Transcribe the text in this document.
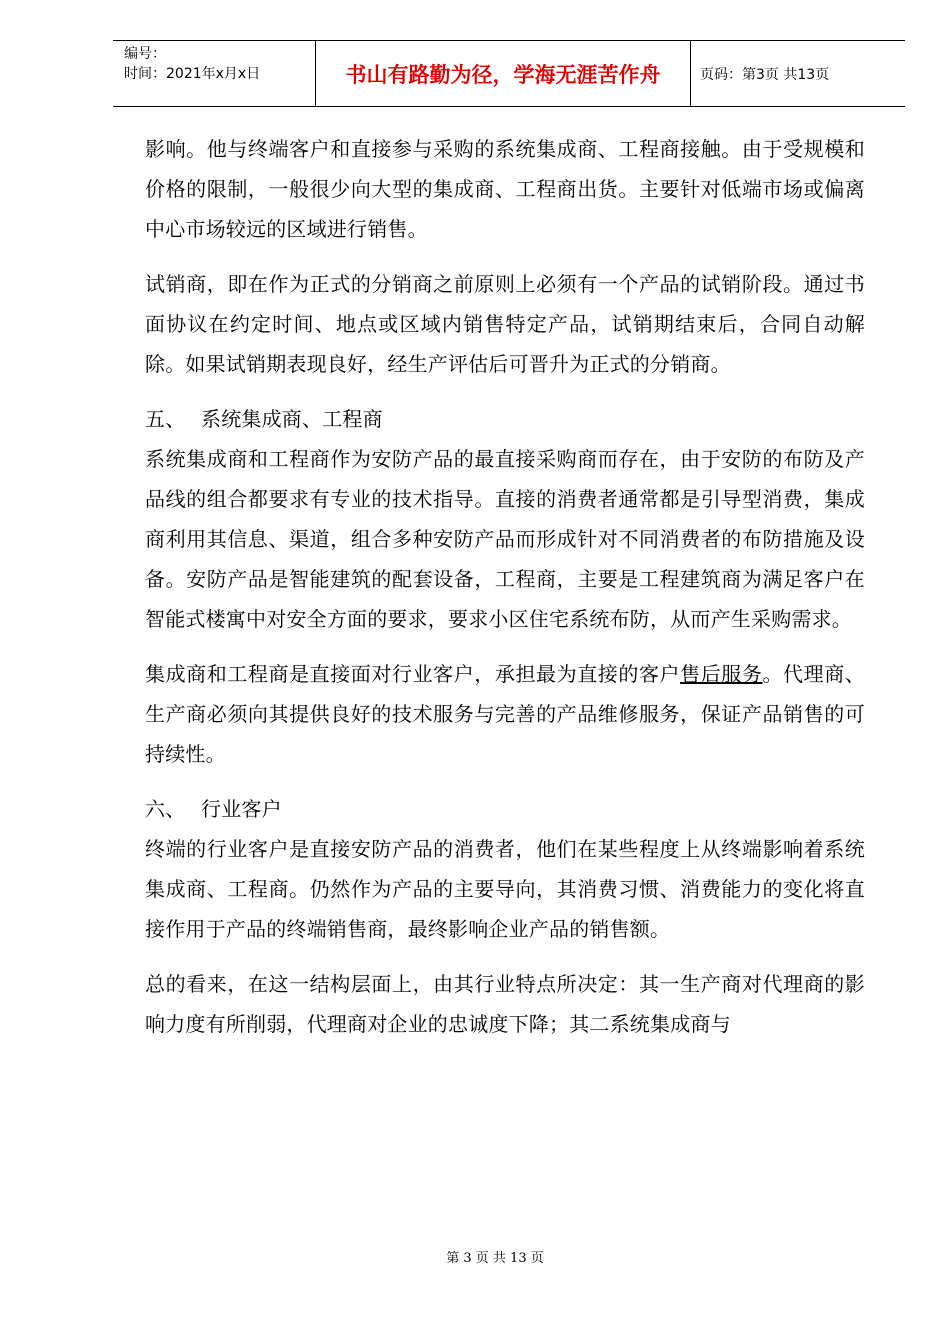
编号：
时间：2021年x月x日	书山有路勤为径，学海无涯苦作舟	页码：第3页 共13页

影响。他与终端客户和直接参与采购的系统集成商、工程商接触。由于受规模和价格的限制，一般很少向大型的集成商、工程商出货。主要针对低端市场或偏离中心市场较远的区域进行销售。

试销商，即在作为正式的分销商之前原则上必须有一个产品的试销阶段。通过书面协议在约定时间、地点或区域内销售特定产品，试销期结束后，合同自动解除。如果试销期表现良好，经生产评估后可晋升为正式的分销商。

五、 系统集成商、工程商

系统集成商和工程商作为安防产品的最直接采购商而存在，由于安防的布防及产品线的组合都要求有专业的技术指导。直接的消费者通常都是引导型消费，集成商利用其信息、渠道，组合多种安防产品而形成针对不同消费者的布防措施及设备。安防产品是智能建筑的配套设备，工程商，主要是工程建筑商为满足客户在智能式楼寓中对安全方面的要求，要求小区住宅系统布防，从而产生采购需求。

集成商和工程商是直接面对行业客户，承担最为直接的客户售后服务。代理商、生产商必须向其提供良好的技术服务与完善的产品维修服务，保证产品销售的可持续性。

六、 行业客户

终端的行业客户是直接安防产品的消费者，他们在某些程度上从终端影响着系统集成商、工程商。仍然作为产品的主要导向，其消费习惯、消费能力的变化将直接作用于产品的终端销售商，最终影响企业产品的销售额。

总的看来，在这一结构层面上，由其行业特点所决定：其一生产商对代理商的影响力度有所削弱，代理商对企业的忠诚度下降；其二系统集成商与

第 3 页 共 13 页
